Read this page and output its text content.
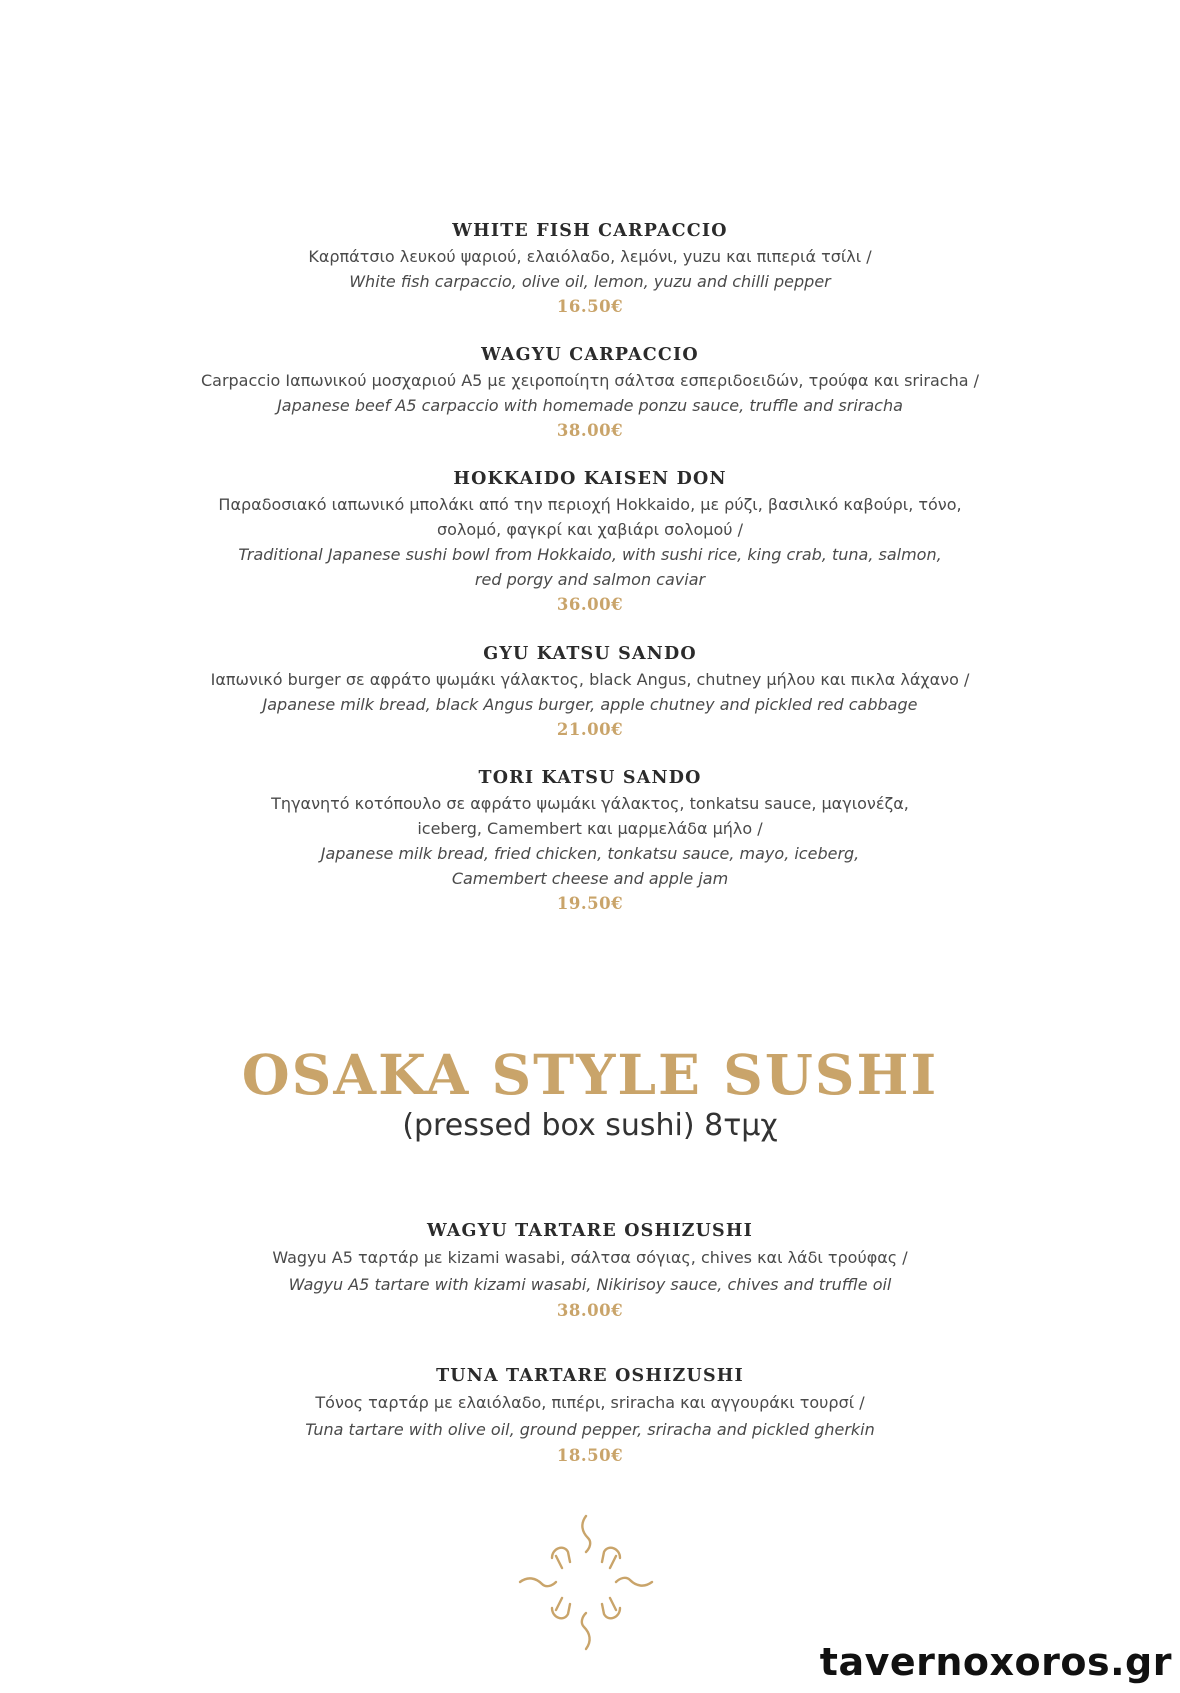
WHITE FISH CARPACCIO
Καρπάτσιο λευκού ψαριού, ελαιόλαδο, λεμόνι, yuzu και πιπεριά τσίλι /
White fish carpaccio, olive oil, lemon, yuzu and chilli pepper
16.50€
WAGYU CARPACCIO
Carpaccio Ιαπωνικού μοσχαριού A5 με χειροποίητη σάλτσα εσπεριδοειδών, τρούφα και sriracha /
Japanese beef A5 carpaccio with homemade ponzu sauce, truffle and sriracha
38.00€
HOKKAIDO KAISEN DON
Παραδοσιακό ιαπωνικό μπολάκι από την περιοχή Hokkaido, με ρύζι, βασιλικό καβούρι, τόνο,
σολομό, φαγκρί και χαβιάρι σολομού /
Traditional Japanese sushi bowl from Hokkaido, with sushi rice, king crab, tuna, salmon,
red porgy and salmon caviar
36.00€
GYU KATSU SANDO
Ιαπωνικό burger σε αφράτο ψωμάκι γάλακτος, black Angus, chutney μήλου και πικλα λάχανο /
Japanese milk bread, black Angus burger, apple chutney and pickled red cabbage
21.00€
TORI KATSU SANDO
Τηγανητό κοτόπουλο σε αφράτο ψωμάκι γάλακτος, tonkatsu sauce, μαγιονέζα,
iceberg, Camembert και μαρμελάδα μήλο /
Japanese milk bread, fried chicken, tonkatsu sauce, mayo, iceberg,
Camembert cheese and apple jam
19.50€
OSAKA STYLE SUSHI
(pressed box sushi) 8τμχ
WAGYU TARTARE OSHIZUSHI
Wagyu A5 ταρτάρ με kizami wasabi, σάλτσα σόγιας, chives και λάδι τρούφας /
Wagyu A5 tartare with kizami wasabi, Nikirisoy sauce, chives and truffle oil
38.00€
TUNA TARTARE OSHIZUSHI
Τόνος ταρτάρ με ελαιόλαδο, πιπέρι, sriracha και αγγουράκι τουρσί /
Tuna tartare with olive oil, ground pepper, sriracha and pickled gherkin
18.50€
tavernoxoros.gr
